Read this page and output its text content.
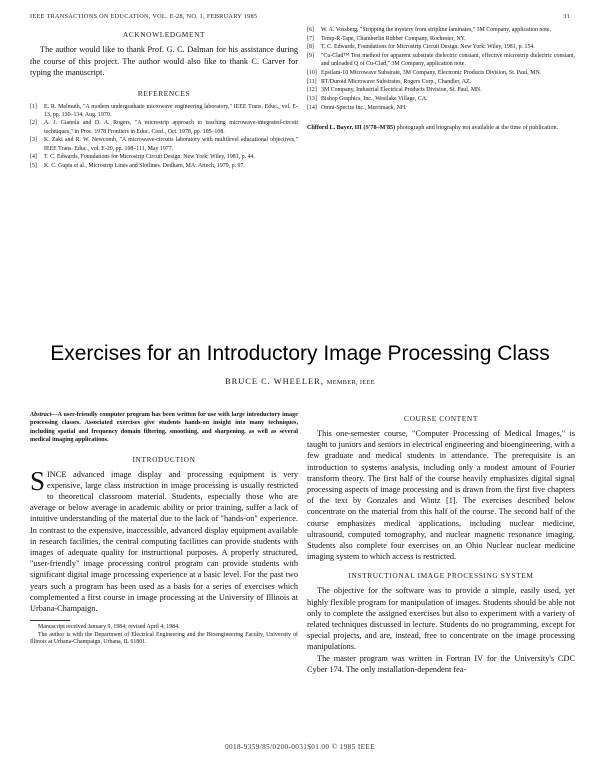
IEEE TRANSACTIONS ON EDUCATION, VOL. E-28, NO. 1, FEBRUARY 1985	31
ACKNOWLEDGMENT

The author would like to thank Prof. G. C. Dalman for his assistance during the course of this project. The author would also like to thank C. Carver for typing the manuscript.

REFERENCES
[1] E. R. Melmuth, "A modern undergraduate microwave engineering laboratory," IEEE Trans. Educ., vol. E-13, pp. 130–134, Aug. 1970.
[2] A. J. Gianola and D. A. Rogers, "A microstrip approach to teaching microwave-integrated-circuit techniques," in Proc. 1978 Frontiers in Educ. Conf., Oct. 1978, pp. 105–108.
[3] K. Zaki and R. W. Newcomb, "A microwave-circuits laboratory with multilevel educational objectives," IEEE Trans. Educ., vol. E-20, pp. 108–111, May 1977.
[4] T. C. Edwards, Foundations for Microstrip Circuit Design. New York: Wiley, 1981, p. 44.
[5] K. C. Gupta et al., Microstrip Lines and Slotlines. Dedham, MA: Artech, 1979, p. 97.
[6] W. A. Vossberg, "Stripping the mystery from stripline laminates," 3M Company, application note.
[7] Temp-R-Tape, Chamberlin Rubber Company, Rochester, NY.
[8] T. C. Edwards, Foundations for Microstrip Circuit Design. New York: Wiley, 1981, p. 154.
[9] "Cu-Clad™ Test method for apparent substrate dielectric constant, effective microstrip dielectric constant, and unloaded Q of Cu-Clad," 3M Company, application note.
[10] Epsilam-10 Microwave Substrate, 3M Company, Electronic Products Division, St. Paul, MN.
[11] RT/Duroid Microwave Substrates, Rogers Corp., Chandler, AZ.
[12] 3M Company, Industrial Electrical Products Division, St. Paul, MN.
[13] Bishop Graphics, Inc., Westlake Village, CA.
[14] Omni-Spectra Inc., Merrimack, NH.
Clifford L. Bayer, III (S'78–M'85) photograph and biography not available at the time of publication.
Exercises for an Introductory Image Processing Class
BRUCE C. WHEELER, MEMBER, IEEE

Abstract—A user-friendly computer program has been written for use with large introductory image processing classes. Associated exercises give students hands-on insight into many techniques, including spatial and frequency domain filtering, smoothing, and sharpening, as well as several medical imaging applications.

INTRODUCTION

SINCE advanced image display and processing equipment is very expensive, large class instruction in image processing is usually restricted to theoretical classroom material. Students, especially those who are average or below average in academic ability or prior training, suffer a lack of intuitive understanding of the material due to the lack of "hands-on" experience. In contrast to the expensive, inaccessible, advanced display equipment available in research facilities, the central computing facilities can provide students with images of adequate quality for instructional purposes. A properly structured, "user-friendly" image processing control program can provide students with significant digital image processing experience at a basic level. For the past two years such a program has been used as a basis for a series of exercises which complemented a first course in image processing at the University of Illinois at Urbana-Champaign.

Manuscript received January 9, 1984; revised April 4, 1984.

The author is with the Department of Electrical Engineering and the Bioengineering Faculty, University of Illinois at Urbana-Champaign, Urbana, IL 61801.

COURSE CONTENT

This one-semester course, "Computer Processing of Medical Images," is taught to juniors and seniors in electrical engineering and bioengineering, with a few graduate and medical students in attendance. The prerequisite is an introduction to systems analysis, including only a modest amount of Fourier transform theory. The first half of the course heavily emphasizes digital signal processing aspects of image processing and is drawn from the first five chapters of the text by Gonzales and Wintz [1]. The exercises described below concentrate on the material from this half of the course. The second half of the course emphasizes medical applications, including nuclear medicine, ultrasound, computed tomography, and nuclear magnetic resonance imaging. Students also complete four exercises on an Ohio Nuclear nuclear medicine imaging system to which access is restricted.

INSTRUCTIONAL IMAGE PROCESSING SYSTEM

The objective for the software was to provide a simple, easily used, yet highly flexible program for manipulation of images. Students should be able not only to complete the assigned exercises but also to experiment with a variety of related techniques discussed in lecture. Students do no programming, except for special projects, and are, instead, free to concentrate on the image processing manipulations.

The master program was written in Fortran IV for the University's CDC Cyber 174. The only installation-dependent fea-

0018-9359/85/0200-0031$01.00 © 1985 IEEE
